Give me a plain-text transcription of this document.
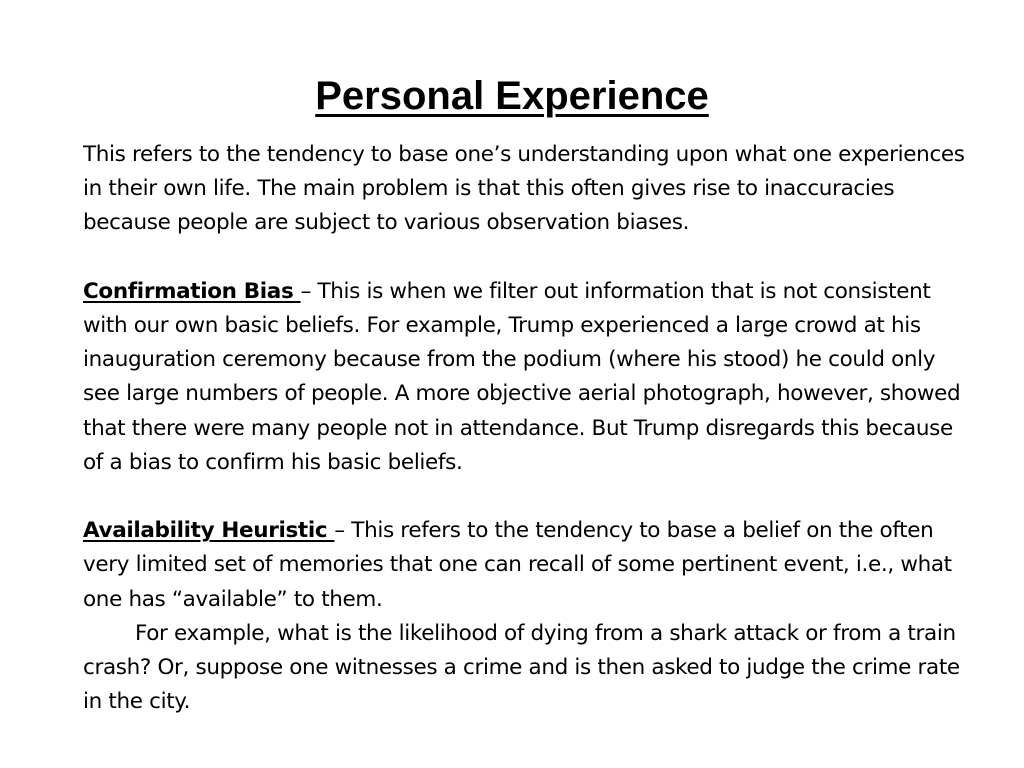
Personal Experience

This refers to the tendency to base one’s understanding upon what one experiences in their own life. The main problem is that this often gives rise to inaccuracies because people are subject to various observation biases.

Confirmation Bias – This is when we filter out information that is not consistent with our own basic beliefs. For example, Trump experienced a large crowd at his inauguration ceremony because from the podium (where his stood) he could only see large numbers of people. A more objective aerial photograph, however, showed that there were many people not in attendance. But Trump disregards this because of a bias to confirm his basic beliefs.

Availability Heuristic – This refers to the tendency to base a belief on the often very limited set of memories that one can recall of some pertinent event, i.e., what one has “available” to them.

For example, what is the likelihood of dying from a shark attack or from a train crash? Or, suppose one witnesses a crime and is then asked to judge the crime rate in the city.
